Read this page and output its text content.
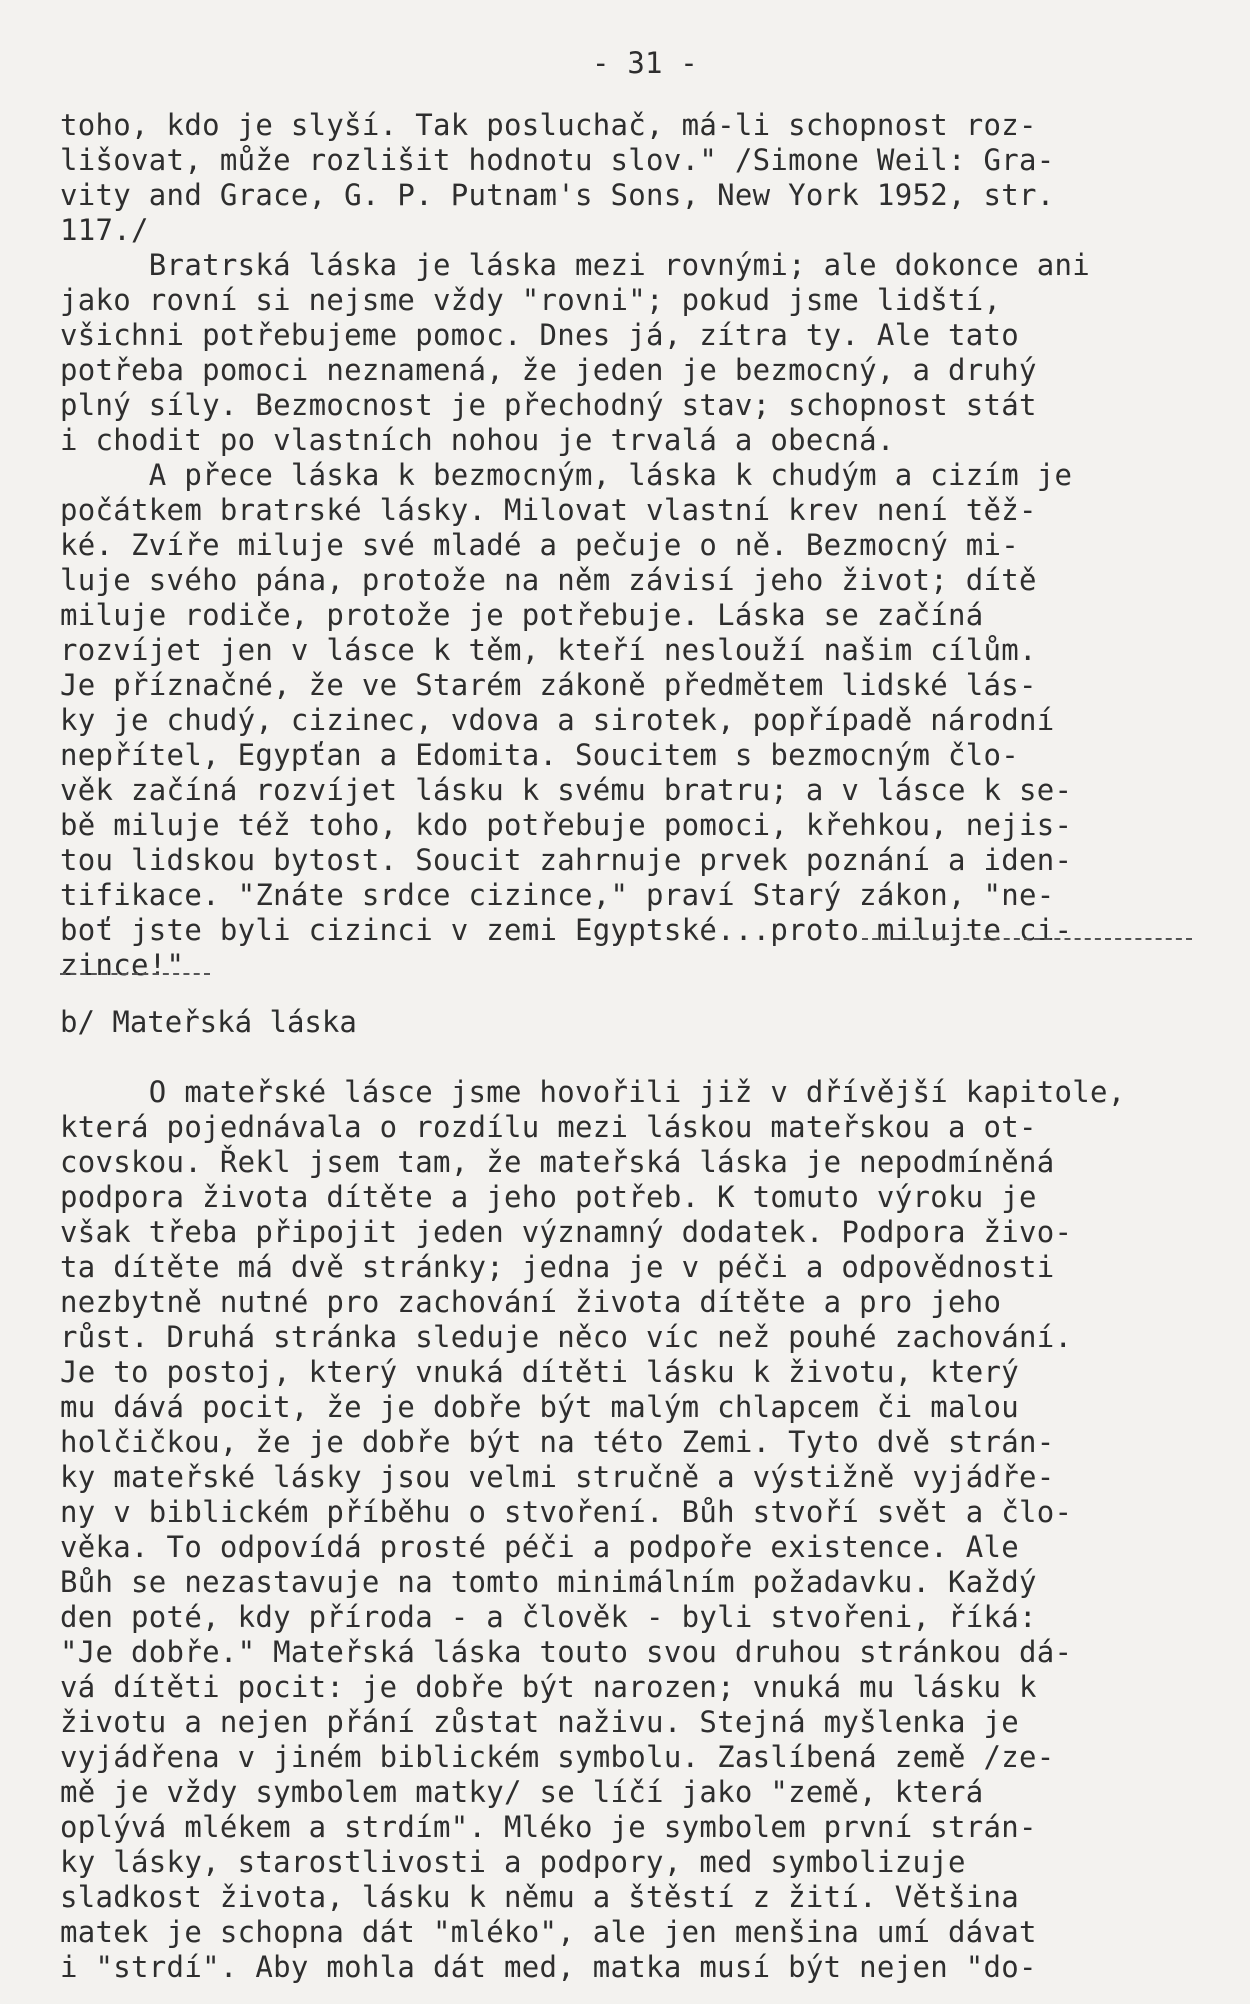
- 31 -
toho, kdo je slyší. Tak posluchač, má-li schopnost roz-
lišovat, může rozlišit hodnotu slov." /Simone Weil: Gra-
vity and Grace, G. P. Putnam's Sons, New York 1952, str.
117./
Bratrská láska je láska mezi rovnými; ale dokonce ani
jako rovní si nejsme vždy "rovni"; pokud jsme lidští,
všichni potřebujeme pomoc. Dnes já, zítra ty. Ale tato
potřeba pomoci neznamená, že jeden je bezmocný, a druhý
plný síly. Bezmocnost je přechodný stav; schopnost stát
i chodit po vlastních nohou je trvalá a obecná.
A přece láska k bezmocným, láska k chudým a cizím je
počátkem bratrské lásky. Milovat vlastní krev není těž-
ké. Zvíře miluje své mladé a pečuje o ně. Bezmocný mi-
luje svého pána, protože na něm závisí jeho život; dítě
miluje rodiče, protože je potřebuje. Láska se začíná
rozvíjet jen v lásce k těm, kteří neslouží našim cílům.
Je příznačné, že ve Starém zákoně předmětem lidské lás-
ky je chudý, cizinec, vdova a sirotek, popřípadě národní
nepřítel, Egypťan a Edomita. Soucitem s bezmocným člo-
věk začíná rozvíjet lásku k svému bratru; a v lásce k se-
bě miluje též toho, kdo potřebuje pomoci, křehkou, nejis-
tou lidskou bytost. Soucit zahrnuje prvek poznání a iden-
tifikace. "Znáte srdce cizince," praví Starý zákon, "ne-
boť jste byli cizinci v zemi Egyptské...proto milujte ci-
zince!"
b/ Mateřská láska
O mateřské lásce jsme hovořili již v dřívější kapitole,
která pojednávala o rozdílu mezi láskou mateřskou a ot-
covskou. Řekl jsem tam, že mateřská láska je nepodmíněná
podpora života dítěte a jeho potřeb. K tomuto výroku je
však třeba připojit jeden významný dodatek. Podpora živo-
ta dítěte má dvě stránky; jedna je v péči a odpovědnosti
nezbytně nutné pro zachování života dítěte a pro jeho
růst. Druhá stránka sleduje něco víc než pouhé zachování.
Je to postoj, který vnuká dítěti lásku k životu, který
mu dává pocit, že je dobře být malým chlapcem či malou
holčičkou, že je dobře být na této Zemi. Tyto dvě strán-
ky mateřské lásky jsou velmi stručně a výstižně vyjádře-
ny v biblickém příběhu o stvoření. Bůh stvoří svět a člo-
věka. To odpovídá prosté péči a podpoře existence. Ale
Bůh se nezastavuje na tomto minimálním požadavku. Každý
den poté, kdy příroda - a člověk - byli stvořeni, říká:
"Je dobře." Mateřská láska touto svou druhou stránkou dá-
vá dítěti pocit: je dobře být narozen; vnuká mu lásku k
životu a nejen přání zůstat naživu. Stejná myšlenka je
vyjádřena v jiném biblickém symbolu. Zaslíbená země /ze-
mě je vždy symbolem matky/ se líčí jako "země, která
oplývá mlékem a strdím". Mléko je symbolem první strán-
ky lásky, starostlivosti a podpory, med symbolizuje
sladkost života, lásku k němu a štěstí z žití. Většina
matek je schopna dát "mléko", ale jen menšina umí dávat
i "strdí". Aby mohla dát med, matka musí být nejen "do-
